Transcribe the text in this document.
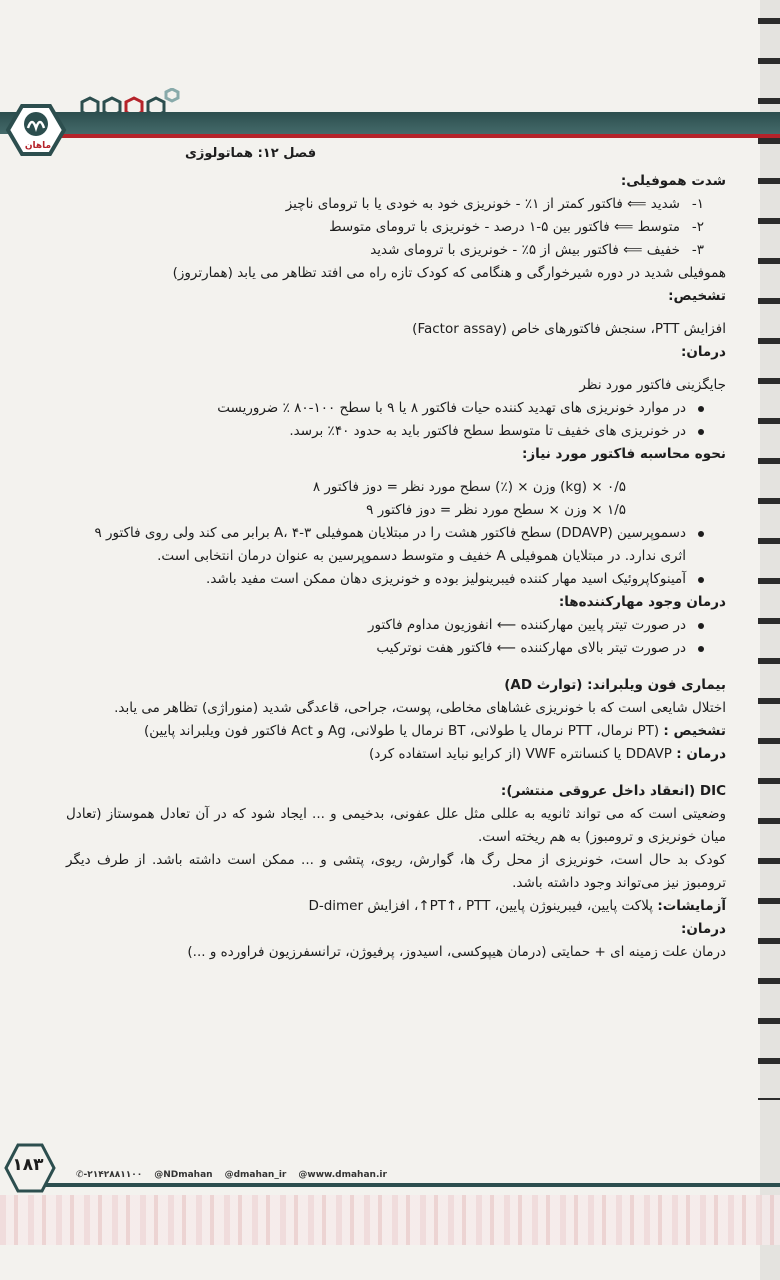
ماهان	فصل ۱۲: هماتولوژی

شدت هموفیلی:

۱-شدید ⟸ فاکتور کمتر از ۱٪ - خونریزی خود به خودی یا با ترومای ناچیز
۲-متوسط ⟸ فاکتور بین ۵-۱ درصد - خونریزی با ترومای متوسط
۳-خفیف ⟸ فاکتور بیش از ۵٪ - خونریزی با ترومای شدید

هموفیلی شدید در دوره شیرخوارگی و هنگامی که کودک تازه راه می افتد تظاهر می یابد (همارتروز)

تشخیص:

افزایش PTT، سنجش فاکتورهای خاص (Factor assay)

درمان:

جایگزینی فاکتور مورد نظر

در موارد خونریزی های تهدید کننده حیات فاکتور ۸ یا ۹ با سطح ۱۰۰-۸۰ ٪ ضروریست
در خونریزی های خفیف تا متوسط سطح فاکتور باید به حدود ۴۰٪ برسد.

نحوه محاسبه فاکتور مورد نیاز:

۰/۵ × (kg) وزن × (٪) سطح مورد نظر = دوز فاکتور ۸

۱/۵ × وزن × سطح مورد نظر = دوز فاکتور ۹

دسموپرسین (DDAVP) سطح فاکتور هشت را در مبتلایان هموفیلی A، ۴-۳ برابر می کند ولی روی فاکتور ۹ اثری ندارد. در مبتلایان هموفیلی A خفیف و متوسط دسموپرسین به عنوان درمان انتخابی است.
آمینوکاپروئیک اسید مهار کننده فیبرینولیز بوده و خونریزی دهان ممکن است مفید باشد.

درمان وجود مهارکننده‌ها:

در صورت تیتر پایین مهارکننده ⟵ انفوزیون مداوم فاکتور
در صورت تیتر بالای مهارکننده ⟵ فاکتور هفت نوترکیب

بیماری فون ویلبراند: (توارث AD)

اختلال شایعی است که با خونریزی غشاهای مخاطی، پوست، جراحی، قاعدگی شدید (منوراژی) تظاهر می یابد.

تشخیص : (PT نرمال، PTT نرمال یا طولانی، BT نرمال یا طولانی، Ag و Act فاکتور فون ویلبراند پایین)

درمان : DDAVP یا کنسانتره VWF (از کرایو نباید استفاده کرد)

DIC (انعقاد داخل عروقی منتشر):

وضعیتی است که می تواند ثانویه به عللی مثل علل عفونی، بدخیمی و ... ایجاد شود که در آن تعادل هموستاز (تعادل میان خونریزی و ترومبوز) به هم ریخته است.

کودک بد حال است، خونریزی از محل رگ ها، گوارش، ریوی، پتشی و ... ممکن است داشته باشد. از طرف دیگر ترومبوز نیز می‌تواند وجود داشته باشد.

آزمایشات: پلاکت پایین، فیبرینوژن پایین، PT↑، PTT↑، افزایش D-dimer

درمان:

درمان علت زمینه ای + حمایتی (درمان هیپوکسی، اسیدوز، پرفیوژن، ترانسفرزیون فراورده و ...)

۱۸۳	✆-۲۱۴۲۸۸۱۱۰۰ @NDmahan @dmahan_ir @www.dmahan.ir
